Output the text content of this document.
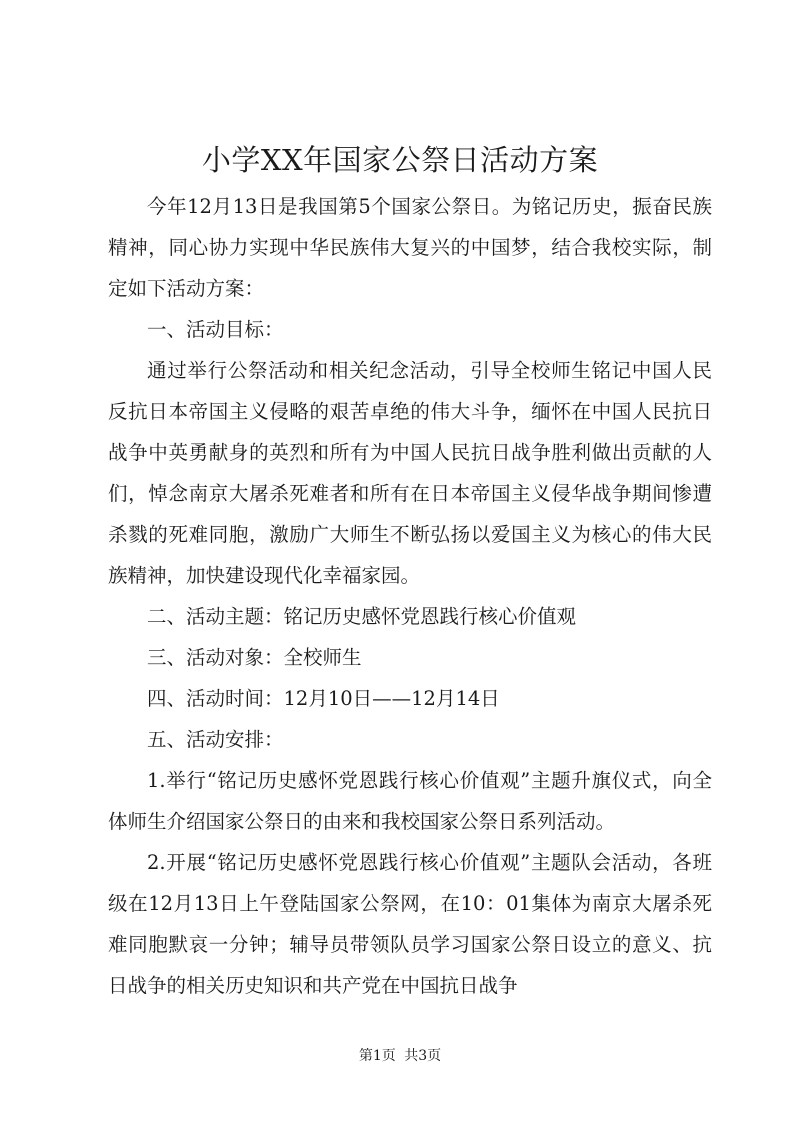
小学XX年国家公祭日活动方案

今年12月13日是我国第5个国家公祭日。为铭记历史，振奋民族精神，同心协力实现中华民族伟大复兴的中国梦，结合我校实际，制定如下活动方案：

一、活动目标：

通过举行公祭活动和相关纪念活动，引导全校师生铭记中国人民反抗日本帝国主义侵略的艰苦卓绝的伟大斗争，缅怀在中国人民抗日战争中英勇献身的英烈和所有为中国人民抗日战争胜利做出贡献的人们，悼念南京大屠杀死难者和所有在日本帝国主义侵华战争期间惨遭杀戮的死难同胞，激励广大师生不断弘扬以爱国主义为核心的伟大民族精神，加快建设现代化幸福家园。

二、活动主题：铭记历史感怀党恩践行核心价值观

三、活动对象：全校师生

四、活动时间：12月10日——12月14日

五、活动安排：

1.举行“铭记历史感怀党恩践行核心价值观”主题升旗仪式，向全体师生介绍国家公祭日的由来和我校国家公祭日系列活动。

2.开展“铭记历史感怀党恩践行核心价值观”主题队会活动，各班级在12月13日上午登陆国家公祭网，在10：01集体为南京大屠杀死难同胞默哀一分钟；辅导员带领队员学习国家公祭日设立的意义、抗日战争的相关历史知识和共产党在中国抗日战争

第1页 共3页
